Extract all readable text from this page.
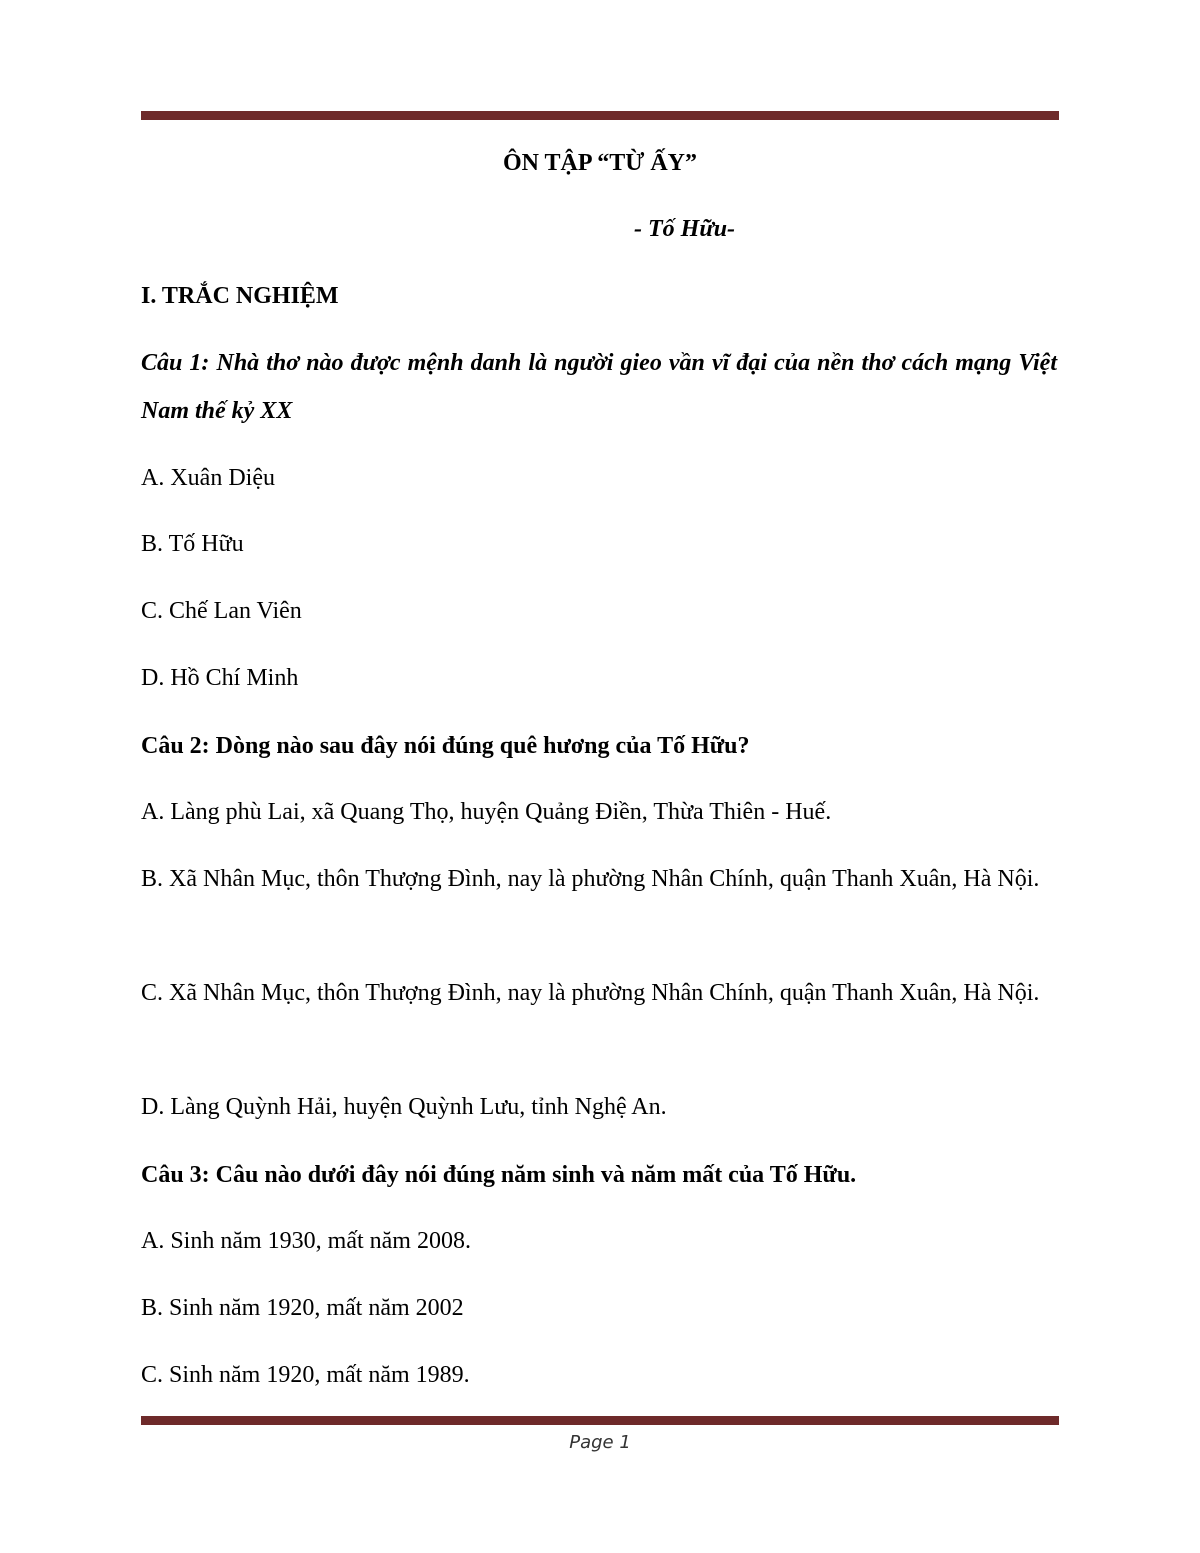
ÔN TẬP “TỪ ẤY”
- Tố Hữu-
I. TRẮC NGHIỆM
Câu 1: Nhà thơ nào được mệnh danh là người gieo vần vĩ đại của nền thơ cách mạng Việt Nam thế kỷ XX
A. Xuân Diệu
B. Tố Hữu
C. Chế Lan Viên
D. Hồ Chí Minh
Câu 2: Dòng nào sau đây nói đúng quê hương của Tố Hữu?
A. Làng phù Lai, xã Quang Thọ, huyện Quảng Điền, Thừa Thiên - Huế.
B. Xã Nhân Mục, thôn Thượng Đình, nay là phường Nhân Chính, quận Thanh Xuân, Hà Nội.
C. Xã Nhân Mục, thôn Thượng Đình, nay là phường Nhân Chính, quận Thanh Xuân, Hà Nội.
D. Làng Quỳnh Hải, huyện Quỳnh Lưu, tỉnh Nghệ An.
Câu 3: Câu nào dưới đây nói đúng năm sinh và năm mất của Tố Hữu.
A. Sinh năm 1930, mất năm 2008.
B. Sinh năm 1920, mất năm 2002
C. Sinh năm 1920, mất năm 1989.
Page 1
